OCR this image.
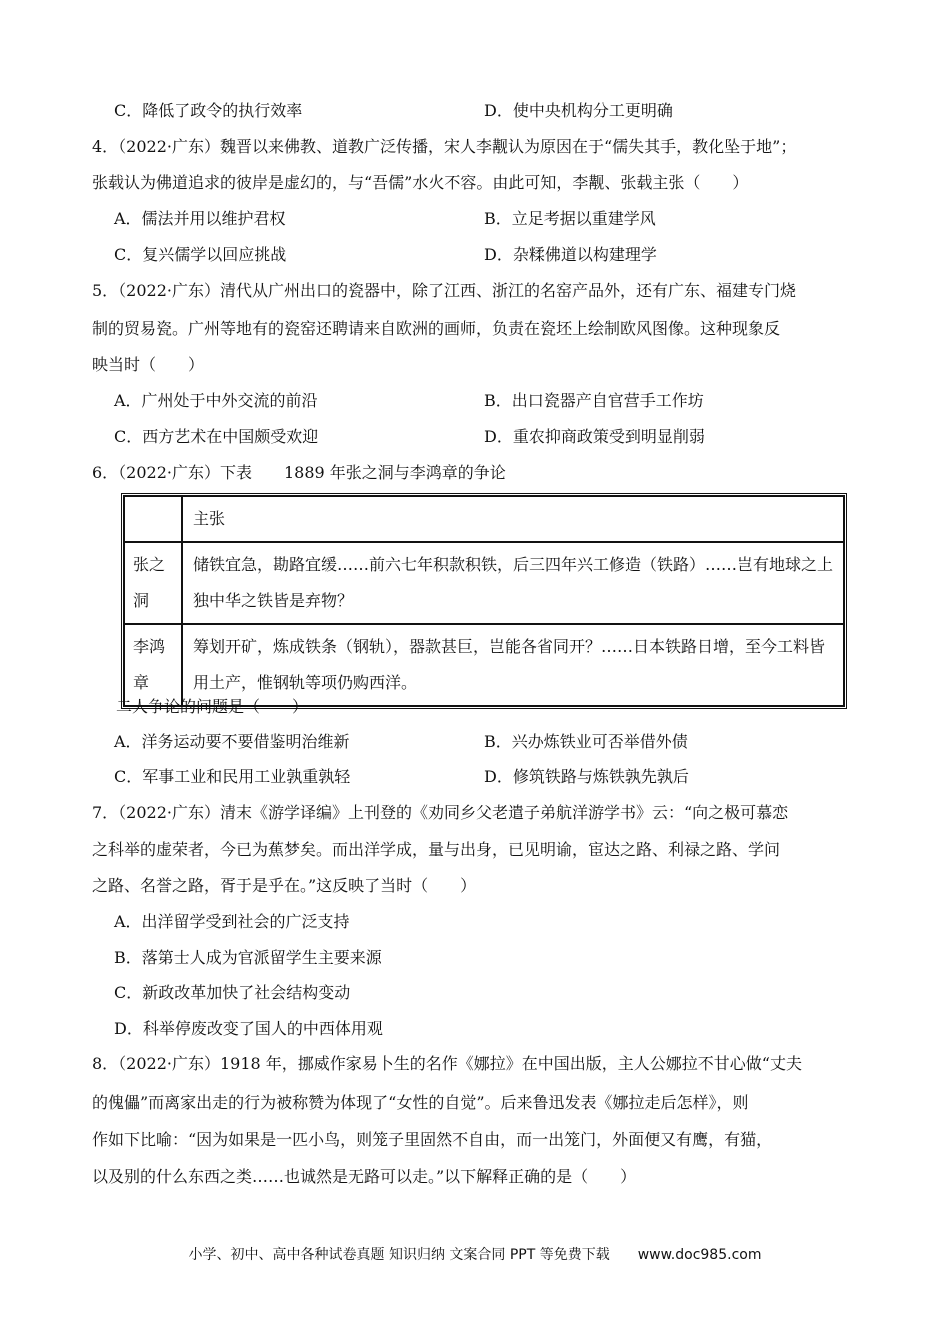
C．降低了政令的执行效率	D．使中央机构分工更明确
4．（2022·广东）魏晋以来佛教、道教广泛传播，宋人李觏认为原因在于“儒失其手，教化坠于地”；
张载认为佛道追求的彼岸是虚幻的，与“吾儒”水火不容。由此可知，李觏、张载主张（　　）
A．儒法并用以维护君权	B．立足考据以重建学风
C．复兴儒学以回应挑战	D．杂糅佛道以构建理学
5．（2022·广东）清代从广州出口的瓷器中，除了江西、浙江的名窑产品外，还有广东、福建专门烧
制的贸易瓷。广州等地有的瓷窑还聘请来自欧洲的画师，负责在瓷坯上绘制欧风图像。这种现象反
映当时（　　）
A．广州处于中外交流的前沿	B．出口瓷器产自官营手工作坊
C．西方艺术在中国颇受欢迎	D．重农抑商政策受到明显削弱
6．（2022·广东）下表　　1889 年张之洞与李鸿章的争论
	主张
张之洞	储铁宜急，勘路宜缓……前六七年积款积铁，后三四年兴工修造（铁路）……岂有地球之上独中华之铁皆是弃物？
李鸿章	筹划开矿，炼成铁条（钢轨），器款甚巨，岂能各省同开？……日本铁路日增，至今工料皆用土产，惟钢轨等项仍购西洋。
二人争论的问题是（　　）
A．洋务运动要不要借鉴明治维新	B．兴办炼铁业可否举借外债
C．军事工业和民用工业孰重孰轻	D．修筑铁路与炼铁孰先孰后
7．（2022·广东）清末《游学译编》上刊登的《劝同乡父老遣子弟航洋游学书》云：“向之极可慕恋
之科举的虚荣者，今已为蕉梦矣。而出洋学成，量与出身，已见明谕，宦达之路、利禄之路、学问
之路、名誉之路，胥于是乎在。”这反映了当时（　　）
A．出洋留学受到社会的广泛支持
B．落第士人成为官派留学生主要来源
C．新政改革加快了社会结构变动
D．科举停废改变了国人的中西体用观
8．（2022·广东）1918 年，挪威作家易卜生的名作《娜拉》在中国出版，主人公娜拉不甘心做“丈夫
的傀儡”而离家出走的行为被称赞为体现了“女性的自觉”。后来鲁迅发表《娜拉走后怎样》，则
作如下比喻：“因为如果是一匹小鸟，则笼子里固然不自由，而一出笼门，外面便又有鹰，有猫，
以及别的什么东西之类……也诚然是无路可以走。”以下解释正确的是（　　）
小学、初中、高中各种试卷真题 知识归纳 文案合同 PPT 等免费下载　　www.doc985.com
